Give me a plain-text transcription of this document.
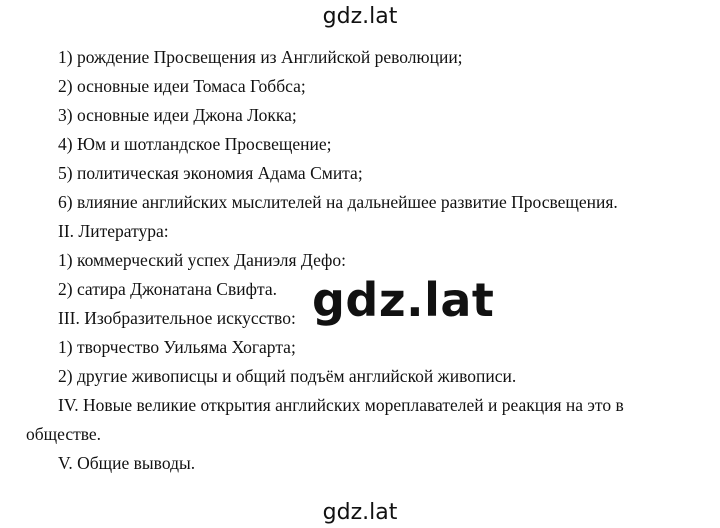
gdz.lat
1) рождение Просвещения из Английской революции;
2) основные идеи Томаса Гоббса;
3) основные идеи Джона Локка;
4) Юм и шотландское Просвещение;
5) политическая экономия Адама Смита;
6) влияние английских мыслителей на дальнейшее развитие Просвещения.
II. Литература:
1) коммерческий успех Даниэля Дефо:
2) сатира Джонатана Свифта.
III. Изобразительное искусство:
1) творчество Уильяма Хогарта;
2) другие живописцы и общий подъём английской живописи.
IV. Новые великие открытия английских мореплавателей и реакция на это в обществе.
V. Общие выводы.
gdz.lat
gdz.lat
